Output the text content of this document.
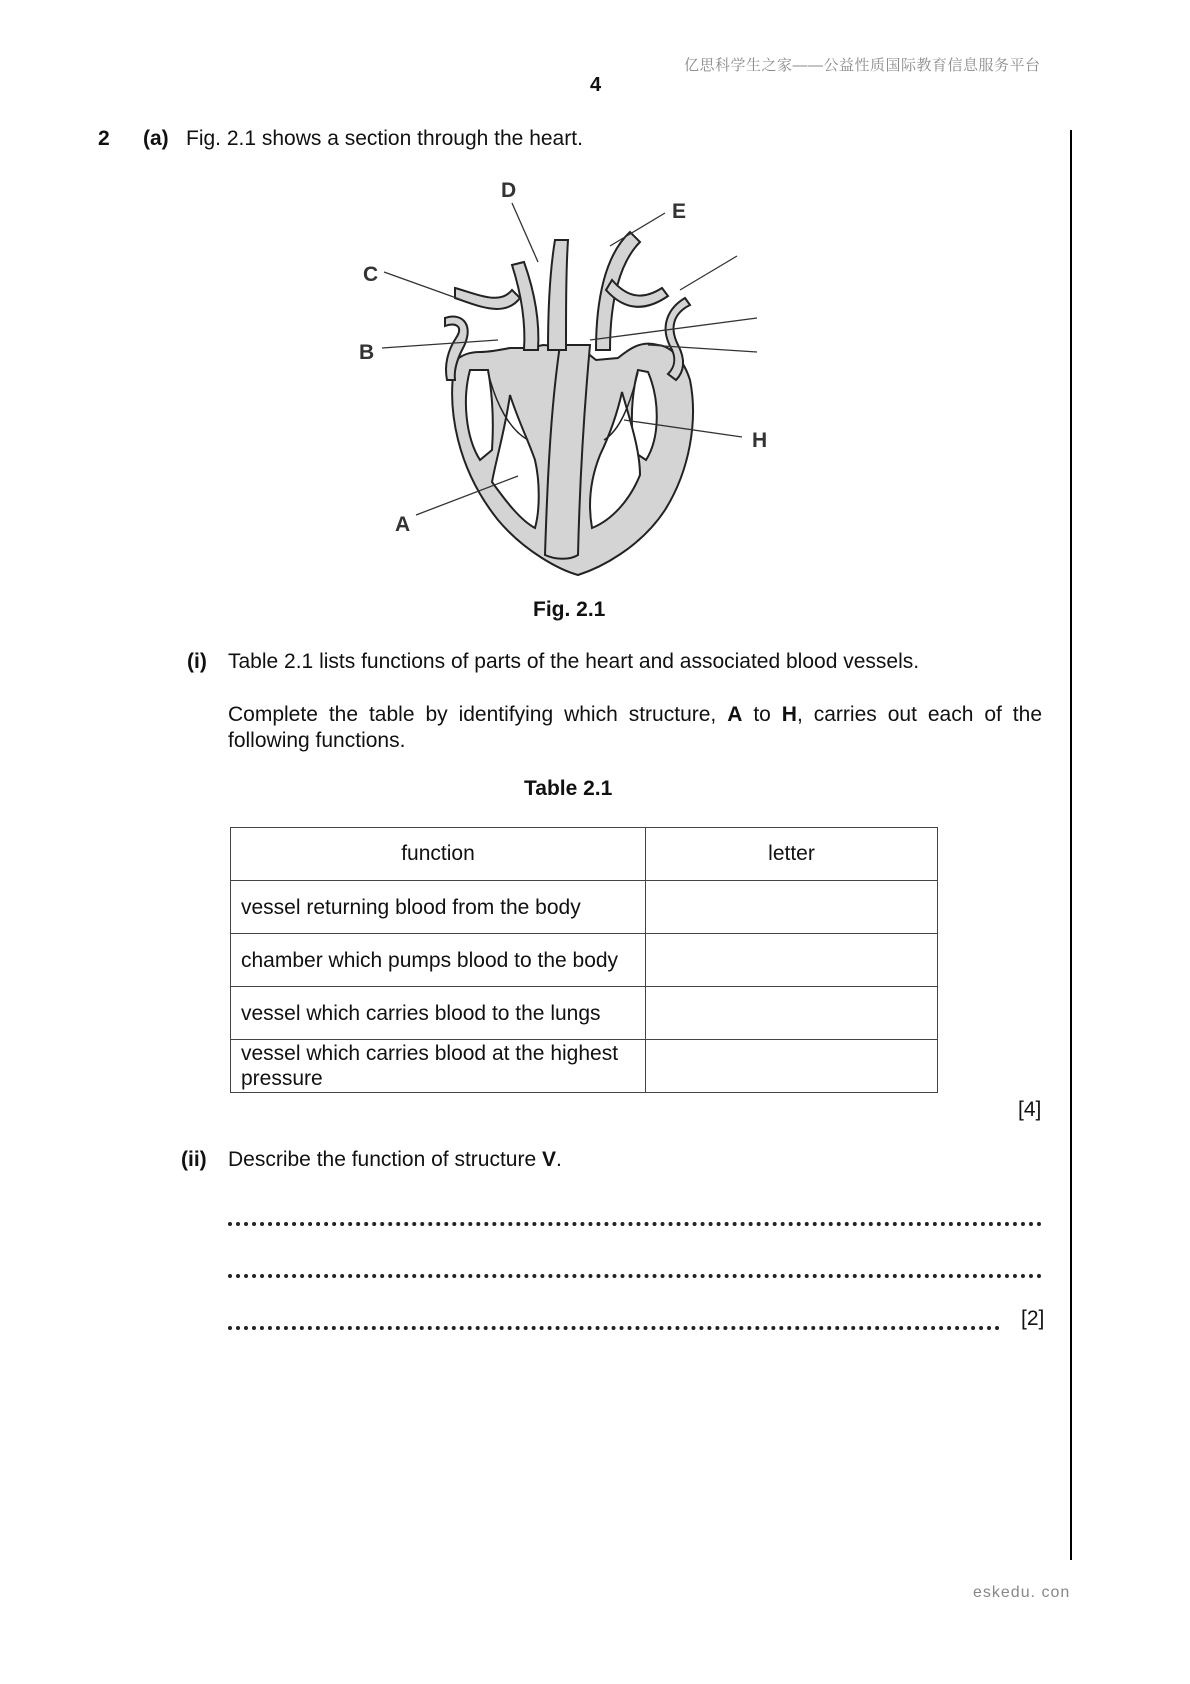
亿思科学生之家——公益性质国际教育信息服务平台
4
2 (a) Fig. 2.1 shows a section through the heart.
D
E
C
B
H
A
Fig. 2.1
(i) Table 2.1 lists functions of parts of the heart and associated blood vessels.
Complete the table by identifying which structure, A to H, carries out each of the following functions.
Table 2.1
function	letter
vessel returning blood from the body	
chamber which pumps blood to the body	
vessel which carries blood to the lungs	
vessel which carries blood at the highest pressure	
[4]
(ii) Describe the function of structure V.
[2]
eskedu. con
